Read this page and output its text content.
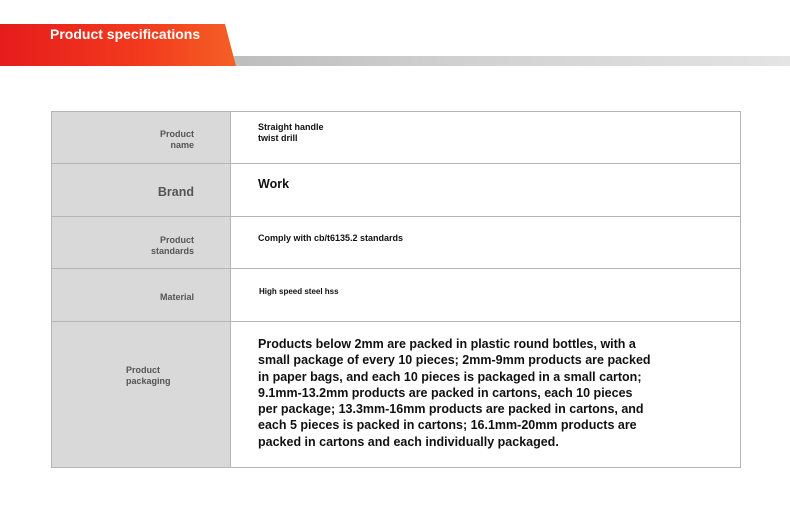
Product specifications
Product name	Straight handle twist drill

Brand	Work

Product standards	Comply with cb/t6135.2 standards

Material	High speed steel hss

Product packaging	Products below 2mm are packed in plastic round bottles, with a small package of every 10 pieces; 2mm-9mm products are packed in paper bags, and each 10 pieces is packaged in a small carton; 9.1mm-13.2mm products are packed in cartons, each 10 pieces per package; 13.3mm-16mm products are packed in cartons, and each 5 pieces is packed in cartons; 16.1mm-20mm products are packed in cartons and each individually packaged.
